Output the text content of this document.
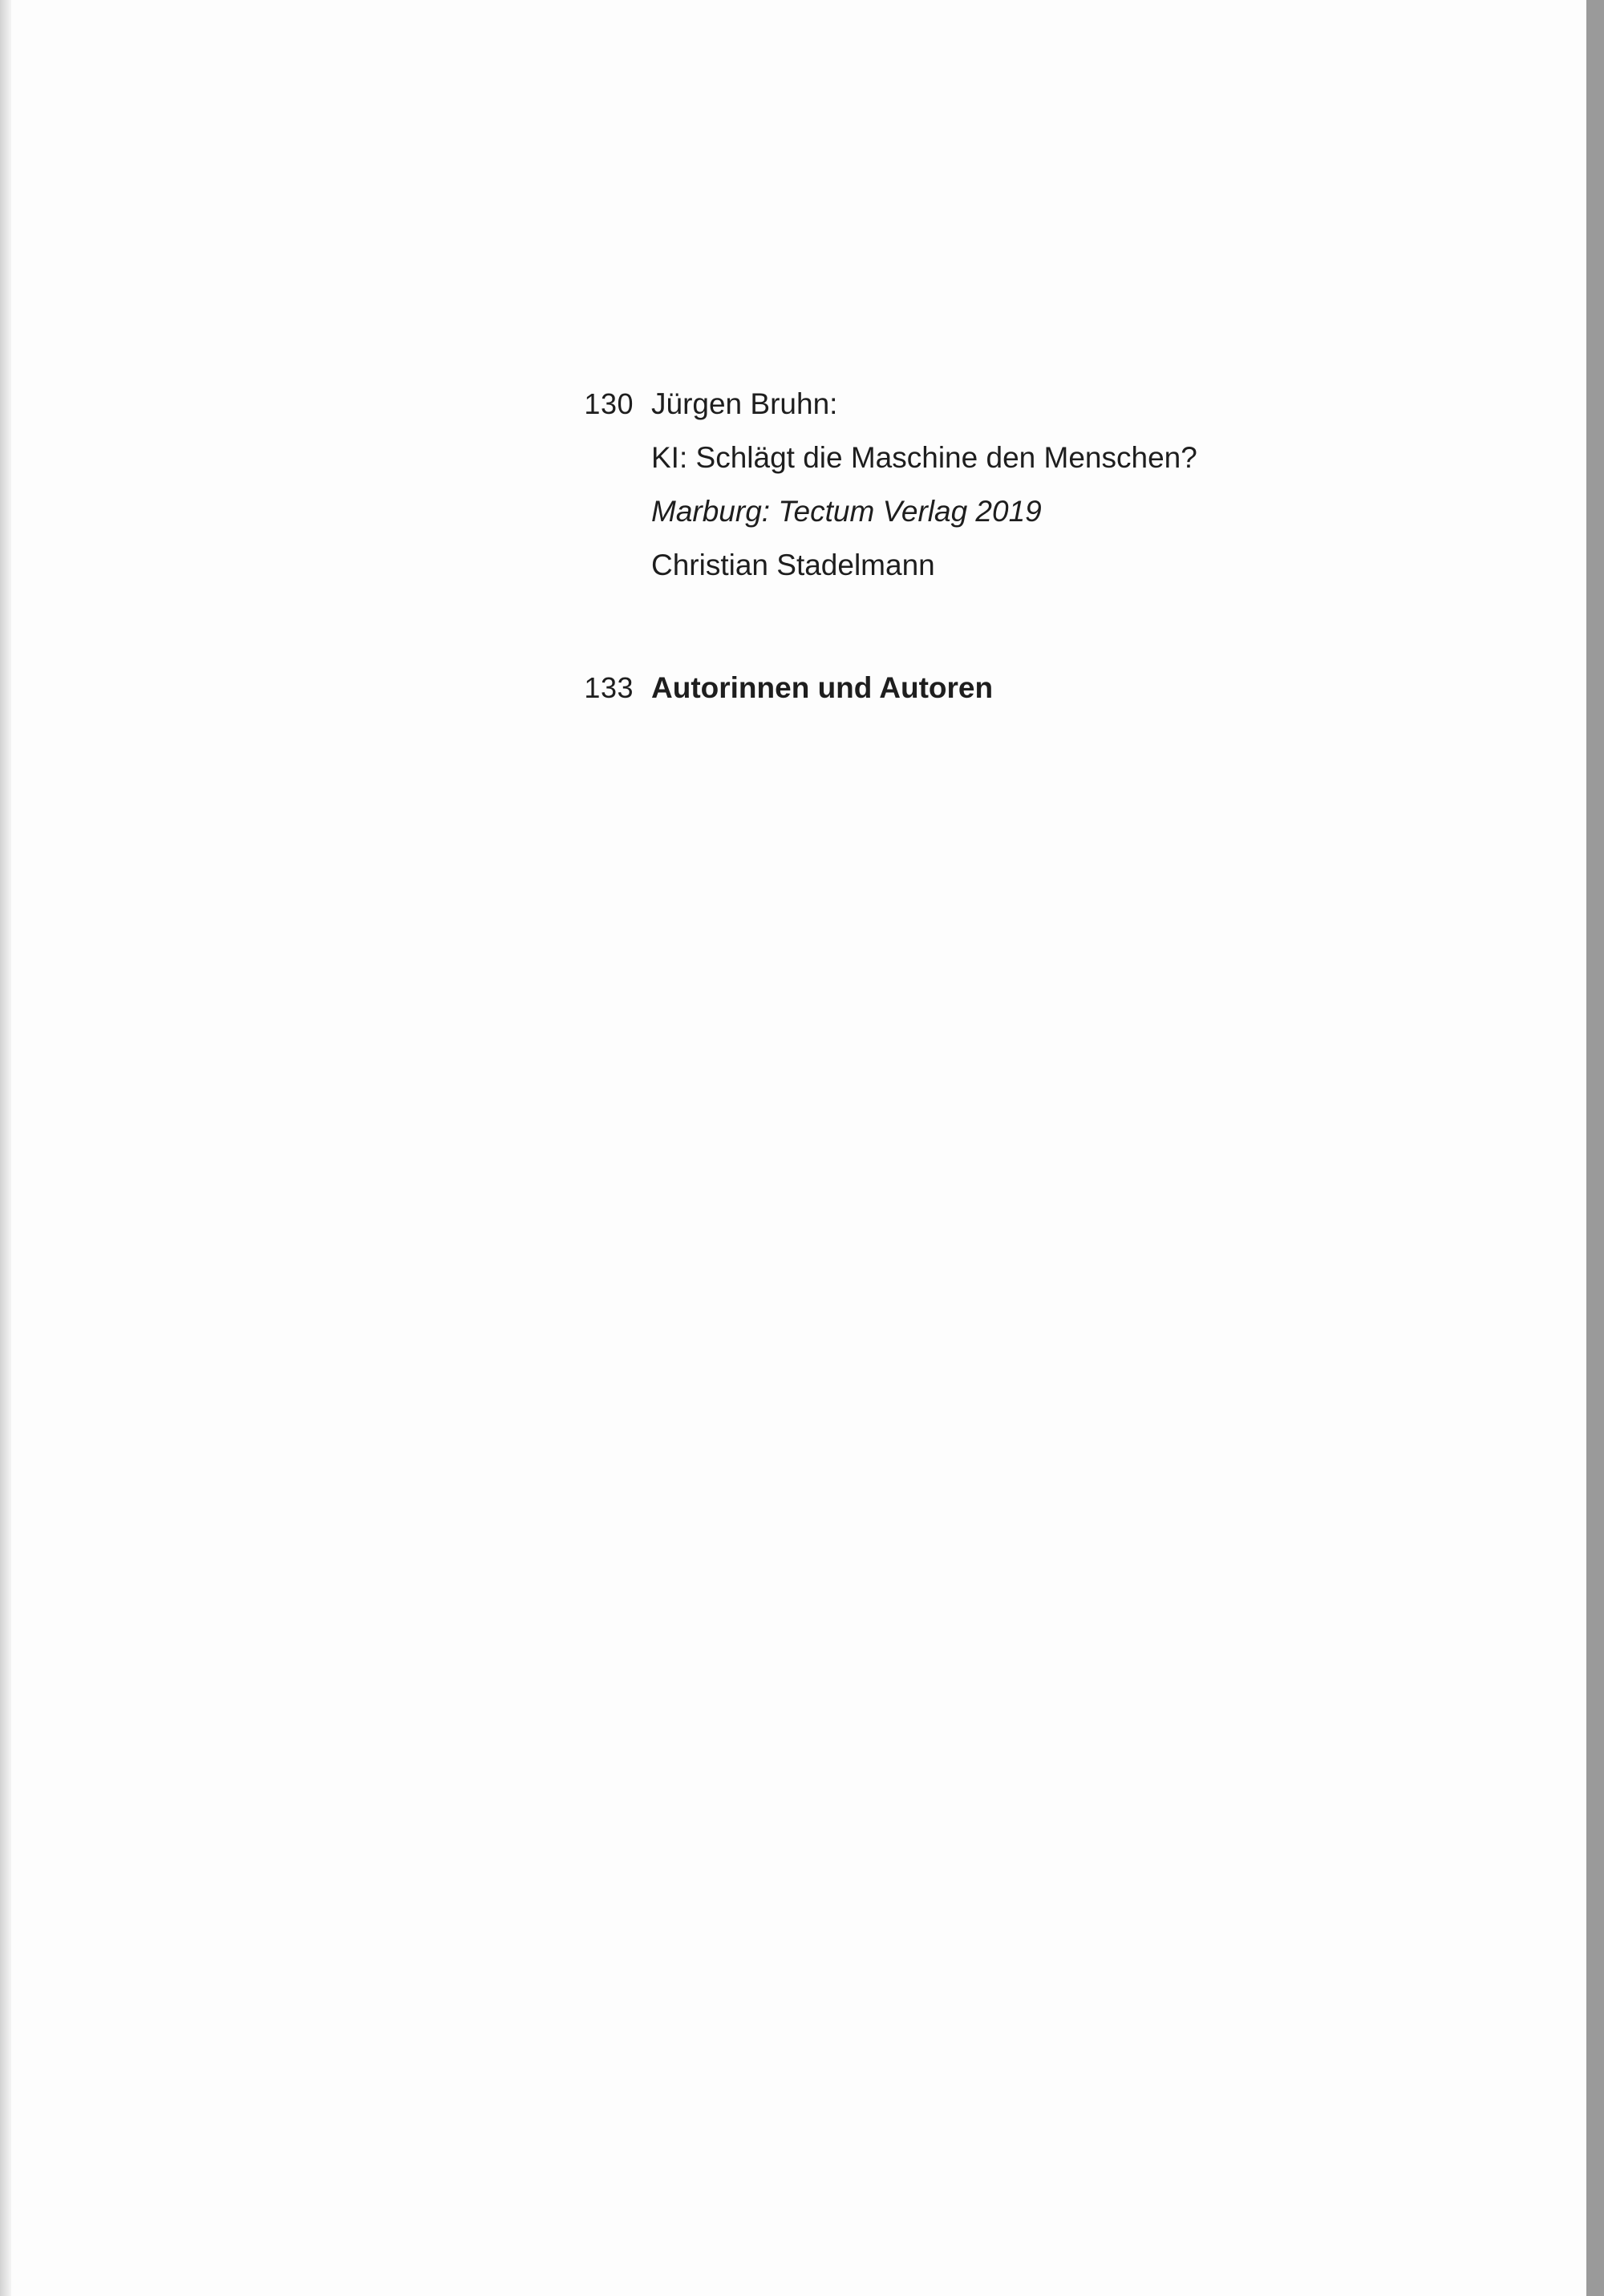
130 Jürgen Bruhn:
KI: Schlägt die Maschine den Menschen?
Marburg: Tectum Verlag 2019
Christian Stadelmann
133 Autorinnen und Autoren
